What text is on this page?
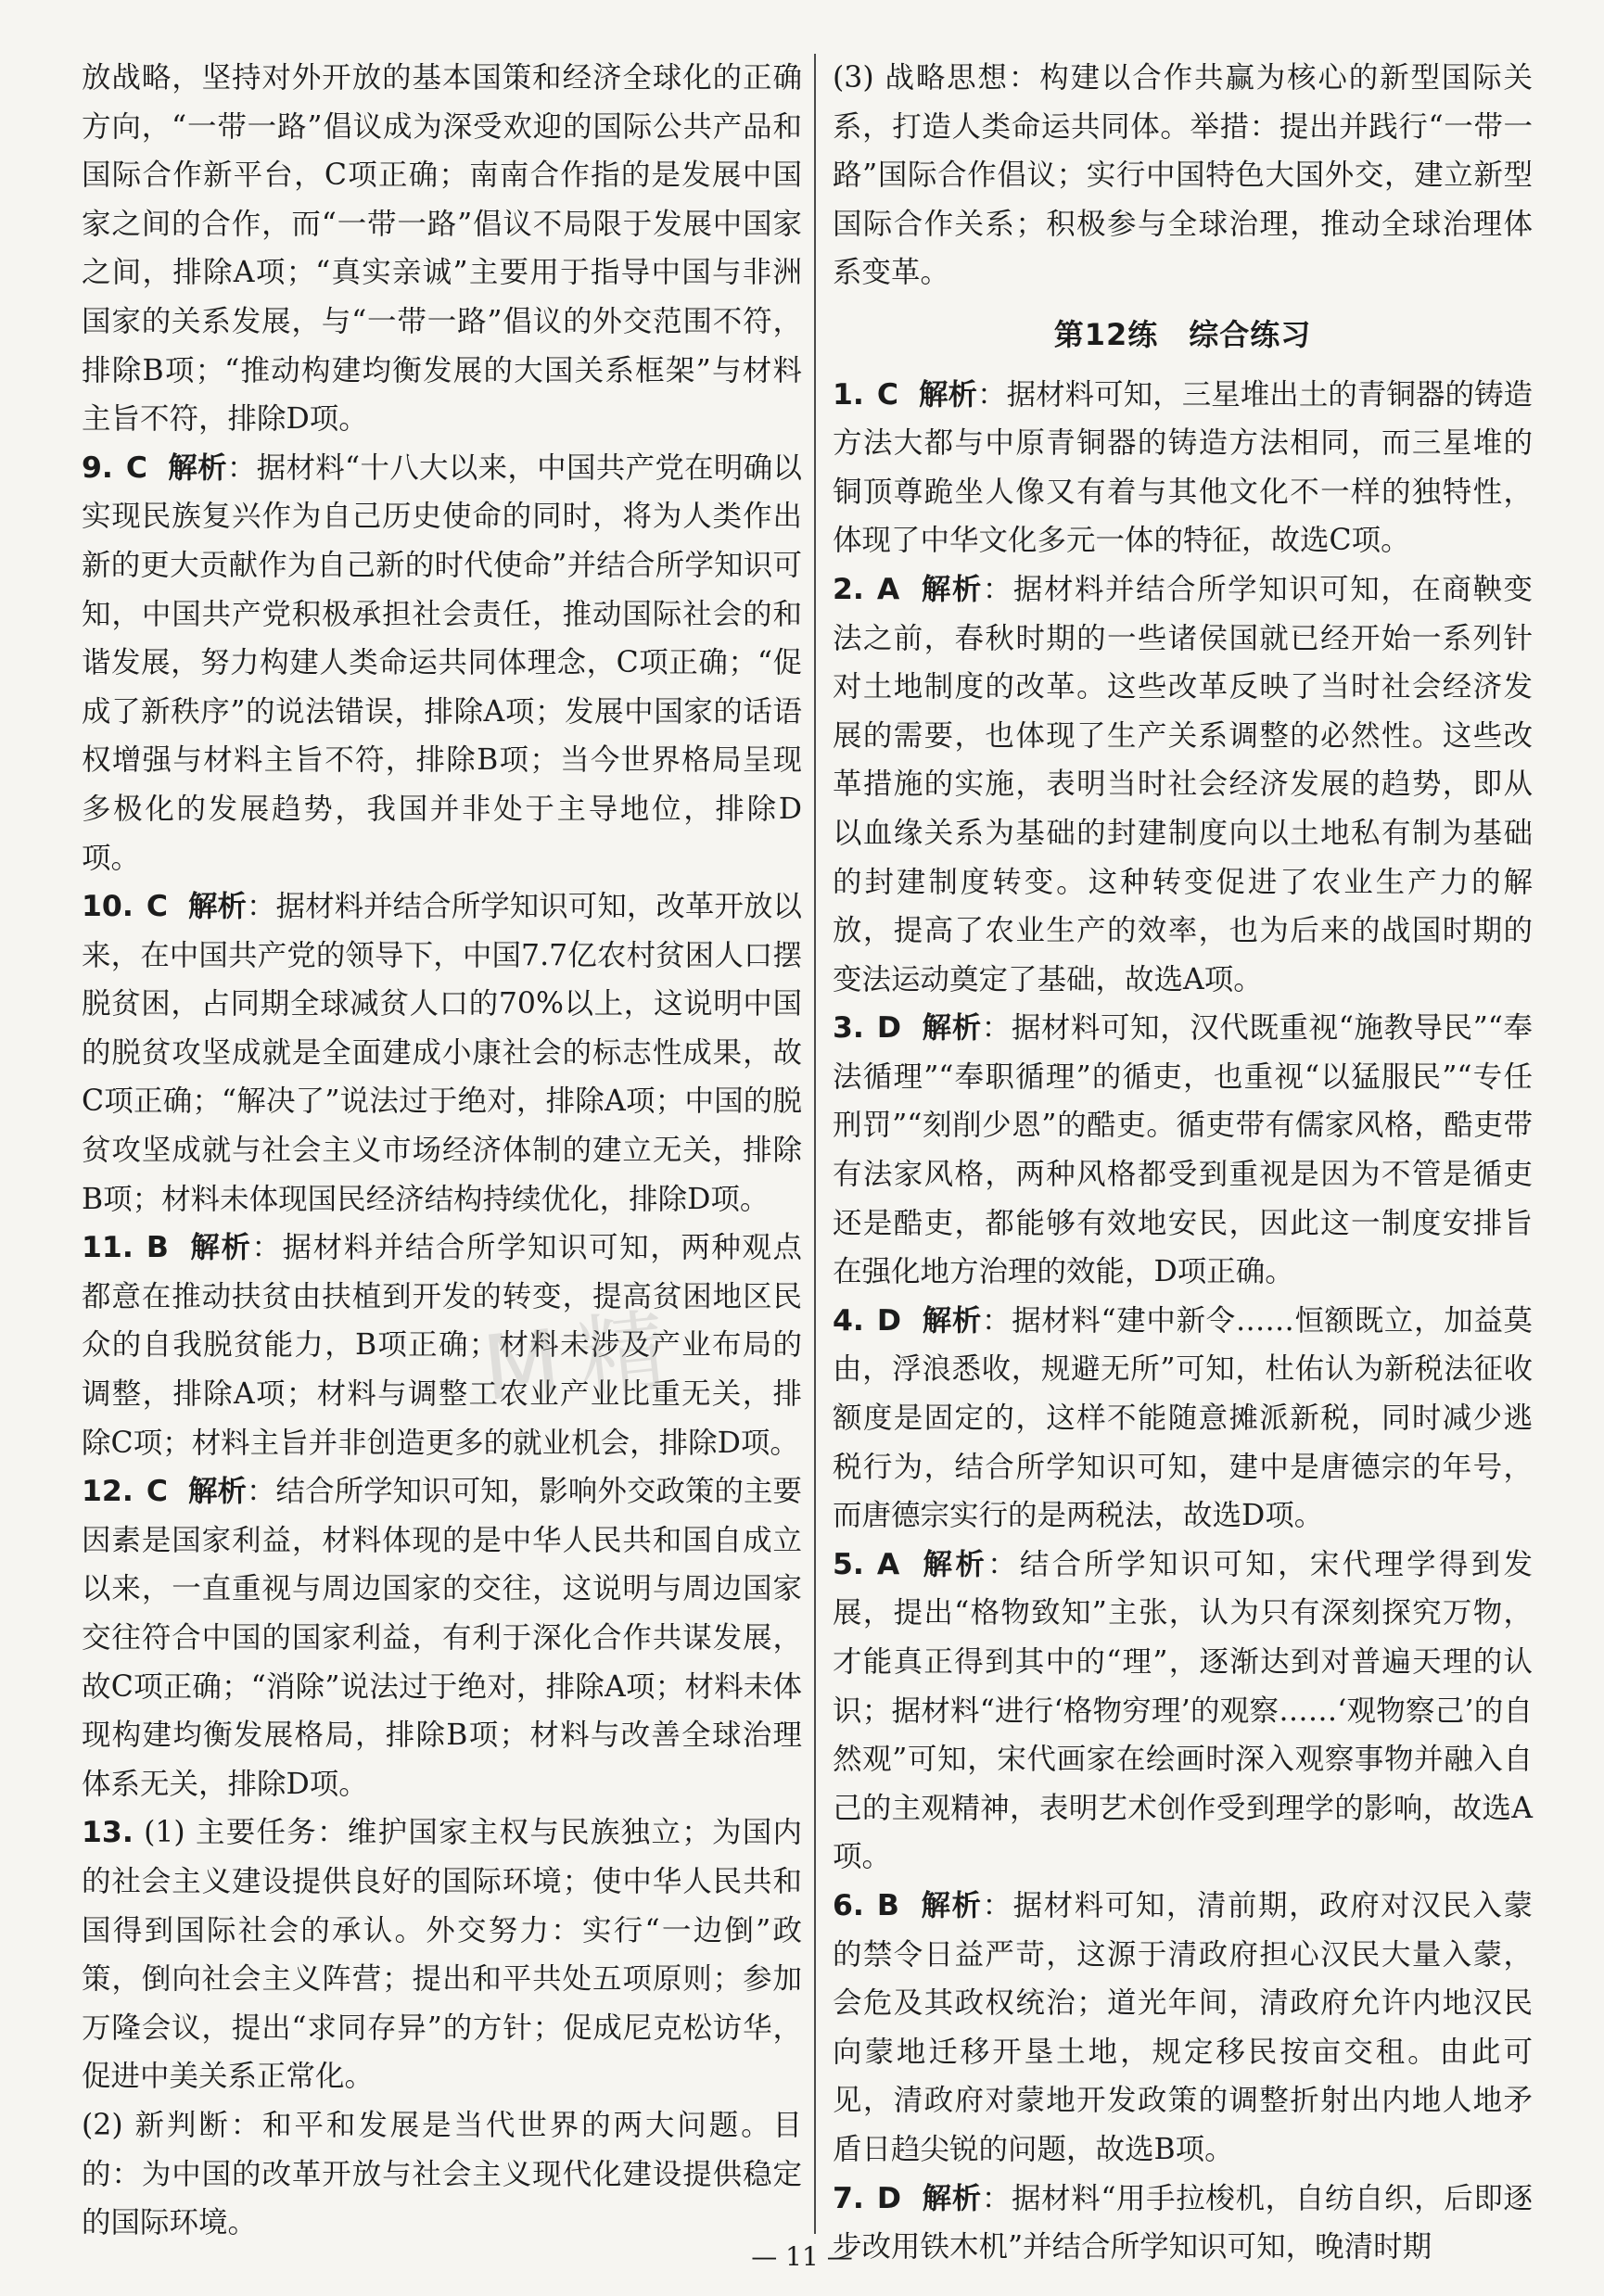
放战略，坚持对外开放的基本国策和经济全球化的正确方向，“一带一路”倡议成为深受欢迎的国际公共产品和国际合作新平台，C项正确；南南合作指的是发展中国家之间的合作，而“一带一路”倡议不局限于发展中国家之间，排除A项；“真实亲诚”主要用于指导中国与非洲国家的关系发展，与“一带一路”倡议的外交范围不符，排除B项；“推动构建均衡发展的大国关系框架”与材料主旨不符，排除D项。

9. C 解析：据材料“十八大以来，中国共产党在明确以实现民族复兴作为自己历史使命的同时，将为人类作出新的更大贡献作为自己新的时代使命”并结合所学知识可知，中国共产党积极承担社会责任，推动国际社会的和谐发展，努力构建人类命运共同体理念，C项正确；“促成了新秩序”的说法错误，排除A项；发展中国家的话语权增强与材料主旨不符，排除B项；当今世界格局呈现多极化的发展趋势，我国并非处于主导地位，排除D项。

10. C 解析：据材料并结合所学知识可知，改革开放以来，在中国共产党的领导下，中国7.7亿农村贫困人口摆脱贫困，占同期全球减贫人口的70%以上，这说明中国的脱贫攻坚成就是全面建成小康社会的标志性成果，故C项正确；“解决了”说法过于绝对，排除A项；中国的脱贫攻坚成就与社会主义市场经济体制的建立无关，排除B项；材料未体现国民经济结构持续优化，排除D项。

11. B 解析：据材料并结合所学知识可知，两种观点都意在推动扶贫由扶植到开发的转变，提高贫困地区民众的自我脱贫能力，B项正确；材料未涉及产业布局的调整，排除A项；材料与调整工农业产业比重无关，排除C项；材料主旨并非创造更多的就业机会，排除D项。

12. C 解析：结合所学知识可知，影响外交政策的主要因素是国家利益，材料体现的是中华人民共和国自成立以来，一直重视与周边国家的交往，这说明与周边国家交往符合中国的国家利益，有利于深化合作共谋发展，故C项正确；“消除”说法过于绝对，排除A项；材料未体现构建均衡发展格局，排除B项；材料与改善全球治理体系无关，排除D项。

13. (1) 主要任务：维护国家主权与民族独立；为国内的社会主义建设提供良好的国际环境；使中华人民共和国得到国际社会的承认。外交努力：实行“一边倒”政策，倒向社会主义阵营；提出和平共处五项原则；参加万隆会议，提出“求同存异”的方针；促成尼克松访华，促进中美关系正常化。

(2) 新判断：和平和发展是当代世界的两大问题。目的：为中国的改革开放与社会主义现代化建设提供稳定的国际环境。

(3) 战略思想：构建以合作共赢为核心的新型国际关系，打造人类命运共同体。举措：提出并践行“一带一路”国际合作倡议；实行中国特色大国外交，建立新型国际合作关系；积极参与全球治理，推动全球治理体系变革。

第12练　综合练习

1. C 解析：据材料可知，三星堆出土的青铜器的铸造方法大都与中原青铜器的铸造方法相同，而三星堆的铜顶尊跪坐人像又有着与其他文化不一样的独特性，体现了中华文化多元一体的特征，故选C项。

2. A 解析：据材料并结合所学知识可知，在商鞅变法之前，春秋时期的一些诸侯国就已经开始一系列针对土地制度的改革。这些改革反映了当时社会经济发展的需要，也体现了生产关系调整的必然性。这些改革措施的实施，表明当时社会经济发展的趋势，即从以血缘关系为基础的封建制度向以土地私有制为基础的封建制度转变。这种转变促进了农业生产力的解放，提高了农业生产的效率，也为后来的战国时期的变法运动奠定了基础，故选A项。

3. D 解析：据材料可知，汉代既重视“施教导民”“奉法循理”“奉职循理”的循吏，也重视“以猛服民”“专任刑罚”“刻削少恩”的酷吏。循吏带有儒家风格，酷吏带有法家风格，两种风格都受到重视是因为不管是循吏还是酷吏，都能够有效地安民，因此这一制度安排旨在强化地方治理的效能，D项正确。

4. D 解析：据材料“建中新令……恒额既立，加益莫由，浮浪悉收，规避无所”可知，杜佑认为新税法征收额度是固定的，这样不能随意摊派新税，同时减少逃税行为，结合所学知识可知，建中是唐德宗的年号，而唐德宗实行的是两税法，故选D项。

5. A 解析：结合所学知识可知，宋代理学得到发展，提出“格物致知”主张，认为只有深刻探究万物，才能真正得到其中的“理”，逐渐达到对普遍天理的认识；据材料“进行‘格物穷理’的观察……‘观物察己’的自然观”可知，宋代画家在绘画时深入观察事物并融入自己的主观精神，表明艺术创作受到理学的影响，故选A项。

6. B 解析：据材料可知，清前期，政府对汉民入蒙的禁令日益严苛，这源于清政府担心汉民大量入蒙，会危及其政权统治；道光年间，清政府允许内地汉民向蒙地迁移开垦土地，规定移民按亩交租。由此可见，清政府对蒙地开发政策的调整折射出内地人地矛盾日趋尖锐的问题，故选B项。

7. D 解析：据材料“用手拉梭机，自纺自织，后即逐步改用铁木机”并结合所学知识可知，晚清时期

M精
— 11 —
